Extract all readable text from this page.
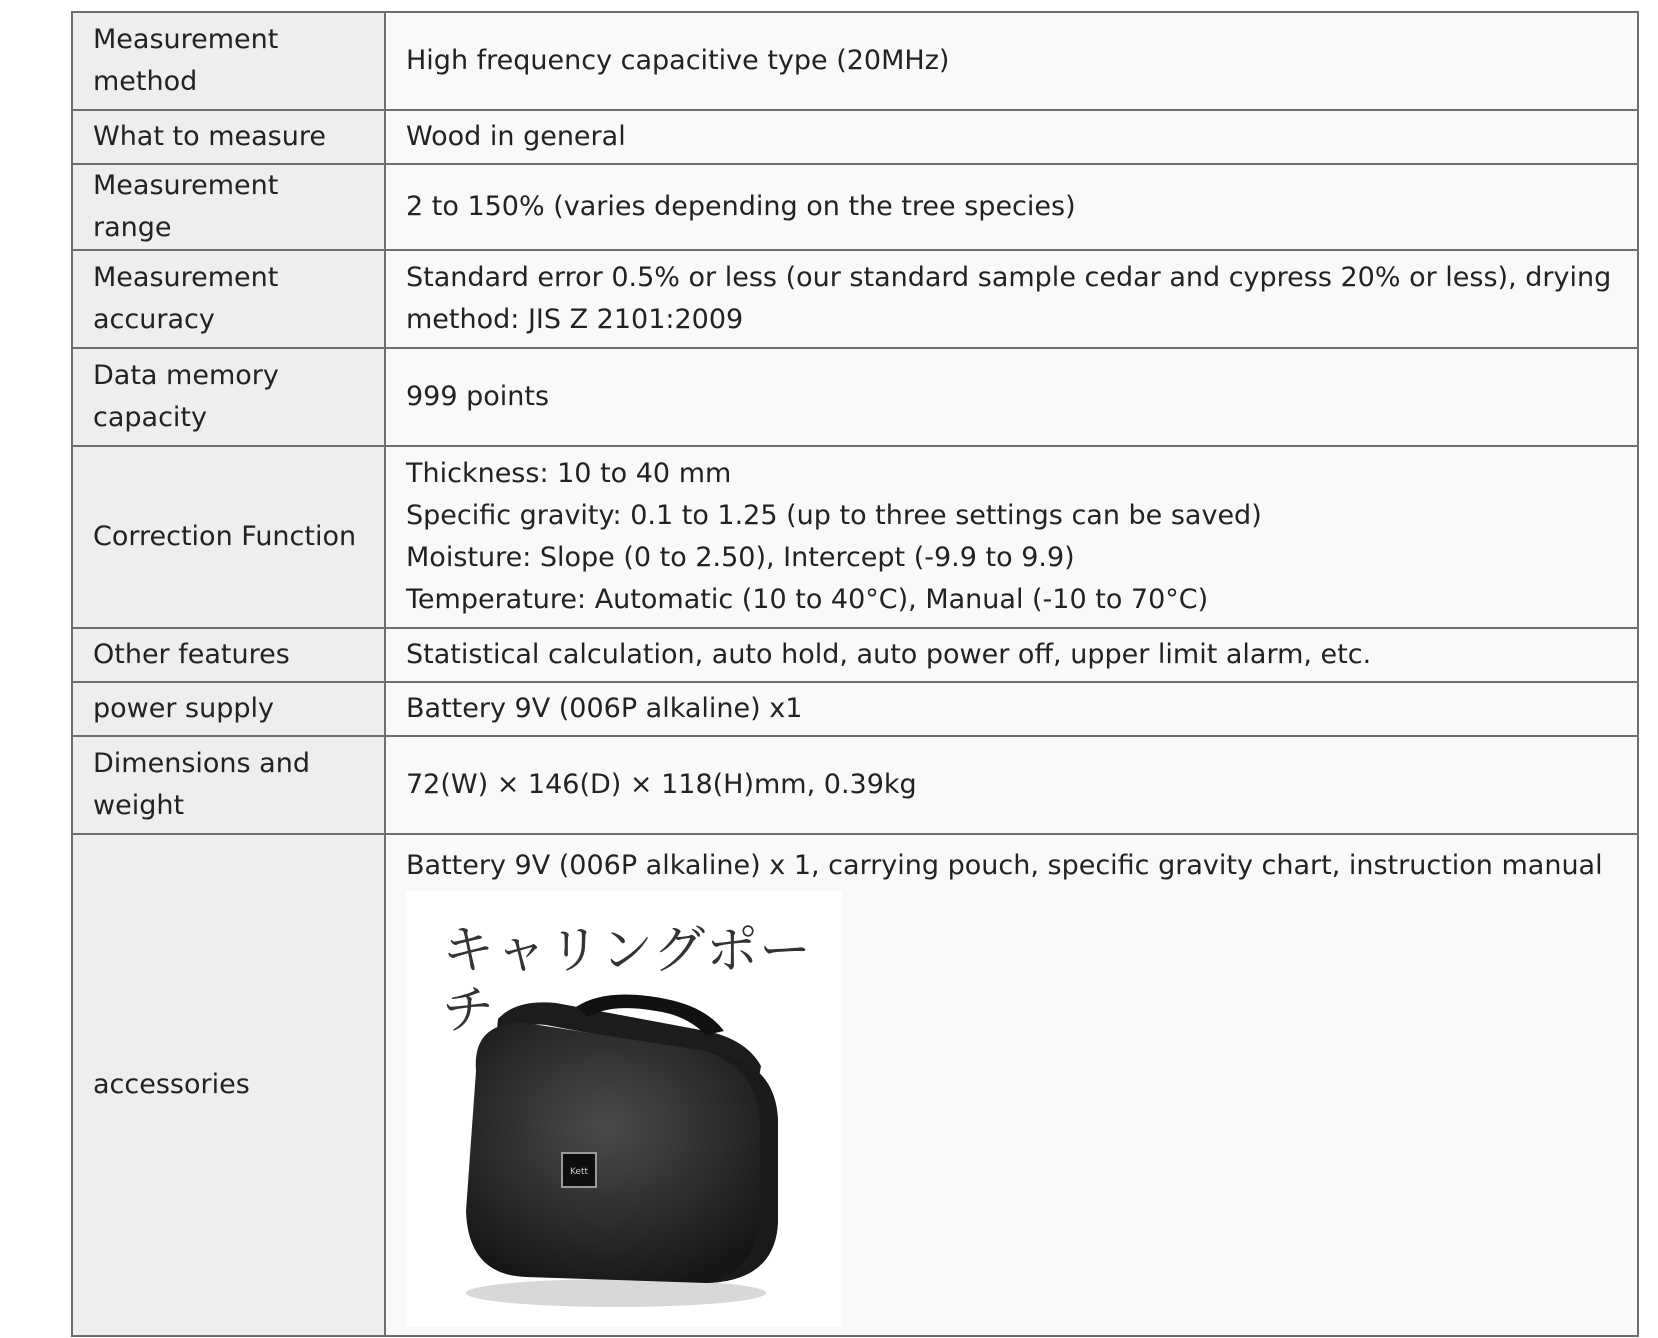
Measurement method	High frequency capacitive type (20MHz)

What to measure	Wood in general

Measurement range	2 to 150% (varies depending on the tree species)

Measurement accuracy	Standard error 0.5% or less (our standard sample cedar and cypress 20% or less), drying
method: JIS Z 2101:2009

Data memory capacity	999 points

Correction Function	Thickness: 10 to 40 mm
Specific gravity: 0.1 to 1.25 (up to three settings can be saved)
Moisture: Slope (0 to 2.50), Intercept (-9.9 to 9.9)
Temperature: Automatic (10 to 40°C), Manual (-10 to 70°C)

Other features	Statistical calculation, auto hold, auto power off, upper limit alarm, etc.

power supply	Battery 9V (006P alkaline) x1

Dimensions and weight	72(W) × 146(D) × 118(H)mm, 0.39kg

accessories	Battery 9V (006P alkaline) x 1, carrying pouch, specific gravity chart, instruction manual
Kett
キャリングポーチ
